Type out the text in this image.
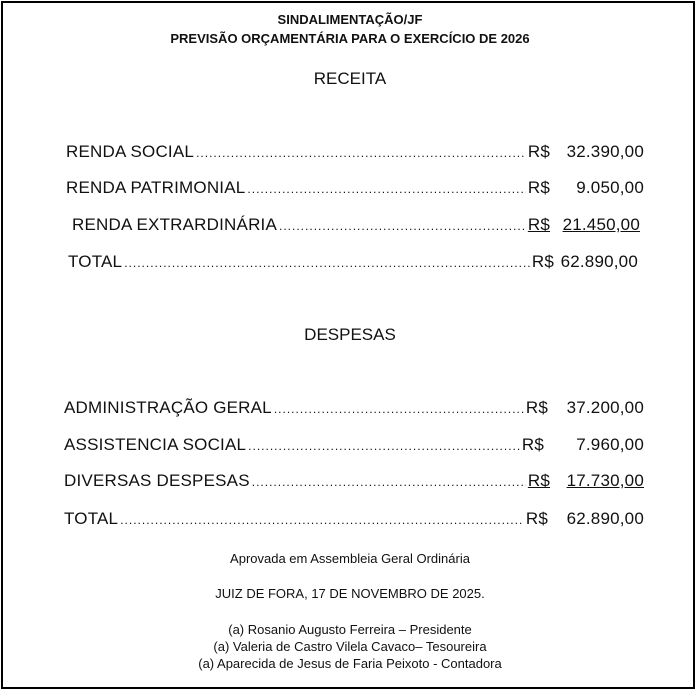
SINDALIMENTAÇÃO/JF
PREVISÃO ORÇAMENTÁRIA PARA O EXERCÍCIO DE 2026
RECEITA
RENDA SOCIAL .....	R$ 32.390,00
RENDA PATRIMONIAL .....	R$	9.050,00
RENDA EXTRARDINÁRIA .....	R$ 21.450,00
TOTAL .....	R$ 62.890,00
DESPESAS
ADMINISTRAÇÃO GERAL .....	R$	37.200,00
ASSISTENCIA SOCIAL .....	R$	7.960,00
DIVERSAS DESPESAS .....	R$ 17.730,00
TOTAL .....	R$	62.890,00
Aprovada em Assembleia Geral Ordinária
JUIZ DE FORA, 17 DE NOVEMBRO DE 2025.
(a) Rosanio Augusto Ferreira – Presidente
(a) Valeria de Castro Vilela Cavaco– Tesoureira
(a) Aparecida de Jesus de Faria Peixoto - Contadora
